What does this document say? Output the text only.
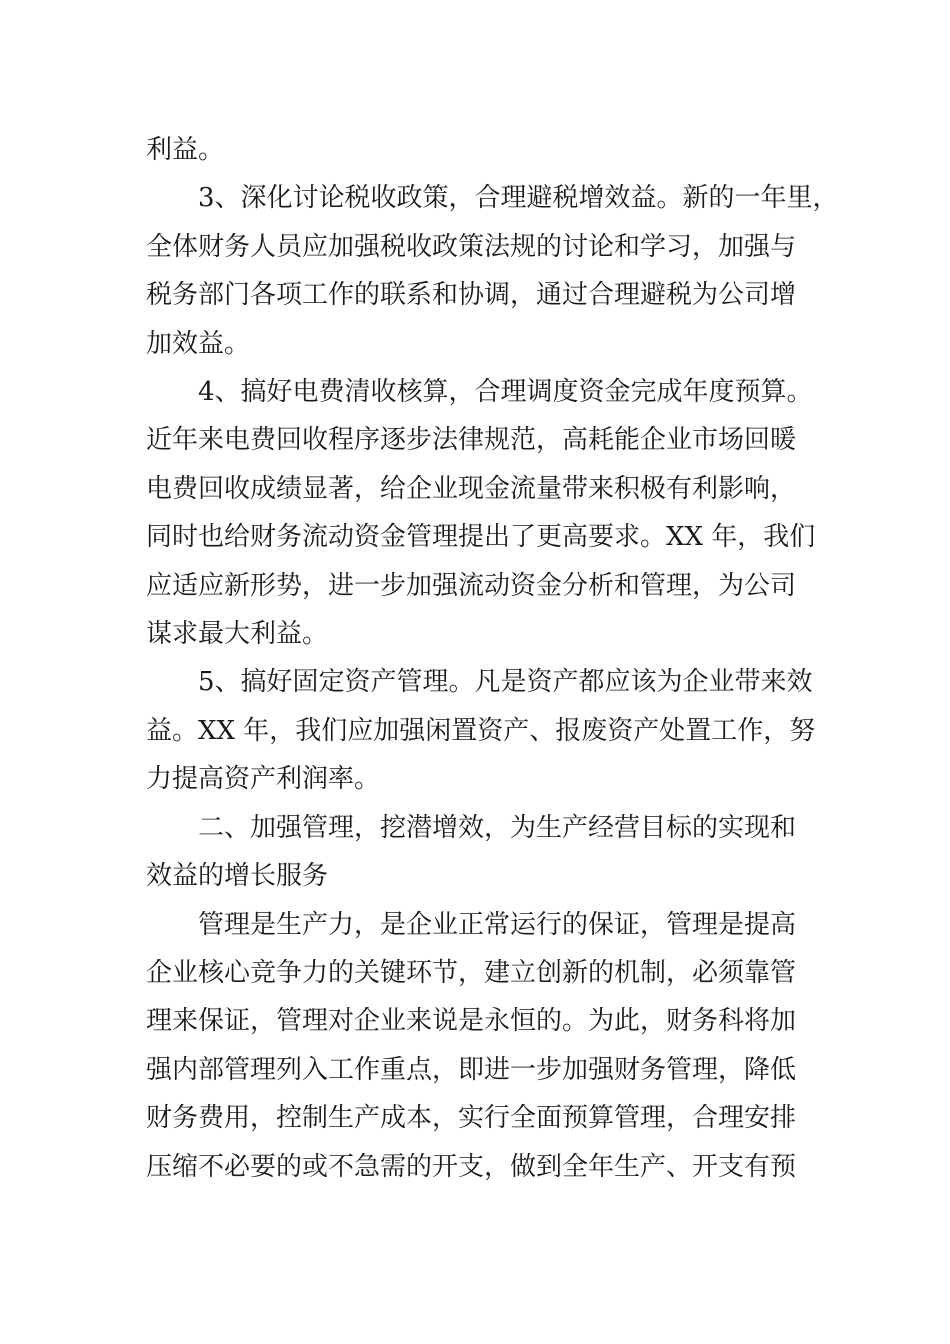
利益。

3、深化讨论税收政策，合理避税增效益。新的一年里，
全体财务人员应加强税收政策法规的讨论和学习，加强与
税务部门各项工作的联系和协调，通过合理避税为公司增
加效益。

4、搞好电费清收核算，合理调度资金完成年度预算。
近年来电费回收程序逐步法律规范，高耗能企业市场回暖
电费回收成绩显著，给企业现金流量带来积极有利影响，
同时也给财务流动资金管理提出了更高要求。XX 年，我们
应适应新形势，进一步加强流动资金分析和管理，为公司
谋求最大利益。

5、搞好固定资产管理。凡是资产都应该为企业带来效
益。XX 年，我们应加强闲置资产、报废资产处置工作，努
力提高资产利润率。

二、加强管理，挖潜增效，为生产经营目标的实现和
效益的增长服务

管理是生产力，是企业正常运行的保证，管理是提高
企业核心竞争力的关键环节，建立创新的机制，必须靠管
理来保证，管理对企业来说是永恒的。为此，财务科将加
强内部管理列入工作重点，即进一步加强财务管理，降低
财务费用，控制生产成本，实行全面预算管理，合理安排
压缩不必要的或不急需的开支，做到全年生产、开支有预
